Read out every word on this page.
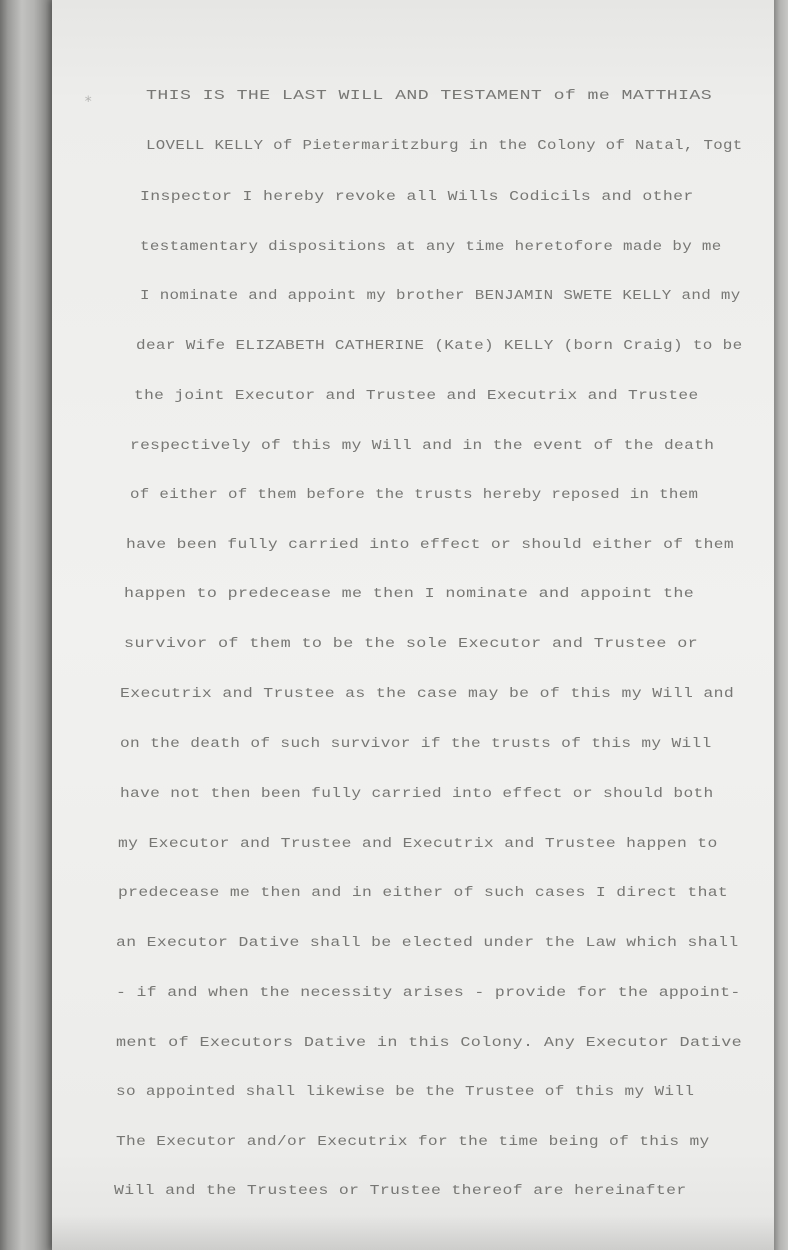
*	THIS IS THE LAST WILL AND TESTAMENT of me MATTHIAS

LOVELL KELLY of Pietermaritzburg in the Colony of Natal, Togt

Inspector I hereby revoke all Wills Codicils and other

testamentary dispositions at any time heretofore made by me

I nominate and appoint my brother BENJAMIN SWETE KELLY and my

dear Wife ELIZABETH CATHERINE (Kate) KELLY (born Craig) to be

the joint Executor and Trustee and Executrix and Trustee

respectively of this my Will and in the event of the death

of either of them before the trusts hereby reposed in them

have been fully carried into effect or should either of them

happen to predecease me then I nominate and appoint the

survivor of them to be the sole Executor and Trustee or

Executrix and Trustee as the case may be of this my Will and

on the death of such survivor if the trusts of this my Will

have not then been fully carried into effect or should both

my Executor and Trustee and Executrix and Trustee happen to

predecease me then and in either of such cases I direct that

an Executor Dative shall be elected under the Law which shall

- if and when the necessity arises - provide for the appoint-

ment of Executors Dative in this Colony. Any Executor Dative

so appointed shall likewise be the Trustee of this my Will

The Executor and/or Executrix for the time being of this my

Will and the Trustees or Trustee thereof are hereinafter
